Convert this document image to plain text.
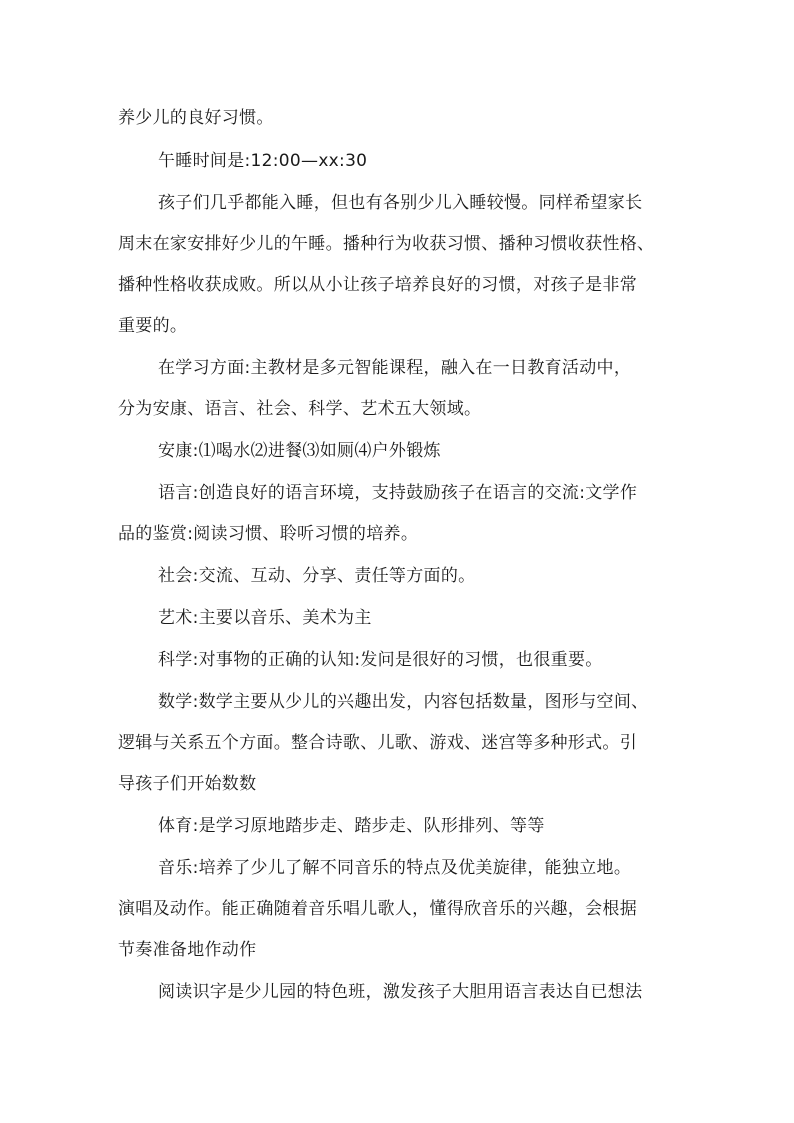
养少儿的良好习惯。
午睡时间是:12:00—xx:30
孩子们几乎都能入睡，但也有各别少儿入睡较慢。同样希望家长
周末在家安排好少儿的午睡。播种行为收获习惯、播种习惯收获性格、
播种性格收获成败。所以从小让孩子培养良好的习惯，对孩子是非常
重要的。
在学习方面:主教材是多元智能课程，融入在一日教育活动中，
分为安康、语言、社会、科学、艺术五大领域。
安康:⑴喝水⑵进餐⑶如厕⑷户外锻炼
语言:创造良好的语言环境，支持鼓励孩子在语言的交流:文学作
品的鉴赏:阅读习惯、聆听习惯的培养。
社会:交流、互动、分享、责任等方面的。
艺术:主要以音乐、美术为主
科学:对事物的正确的认知:发问是很好的习惯，也很重要。
数学:数学主要从少儿的兴趣出发，内容包括数量，图形与空间、
逻辑与关系五个方面。整合诗歌、儿歌、游戏、迷宫等多种形式。引
导孩子们开始数数
体育:是学习原地踏步走、踏步走、队形排列、等等
音乐:培养了少儿了解不同音乐的特点及优美旋律，能独立地。
演唱及动作。能正确随着音乐唱儿歌人，懂得欣音乐的兴趣，会根据
节奏准备地作动作
阅读识字是少儿园的特色班，激发孩子大胆用语言表达自已想法
